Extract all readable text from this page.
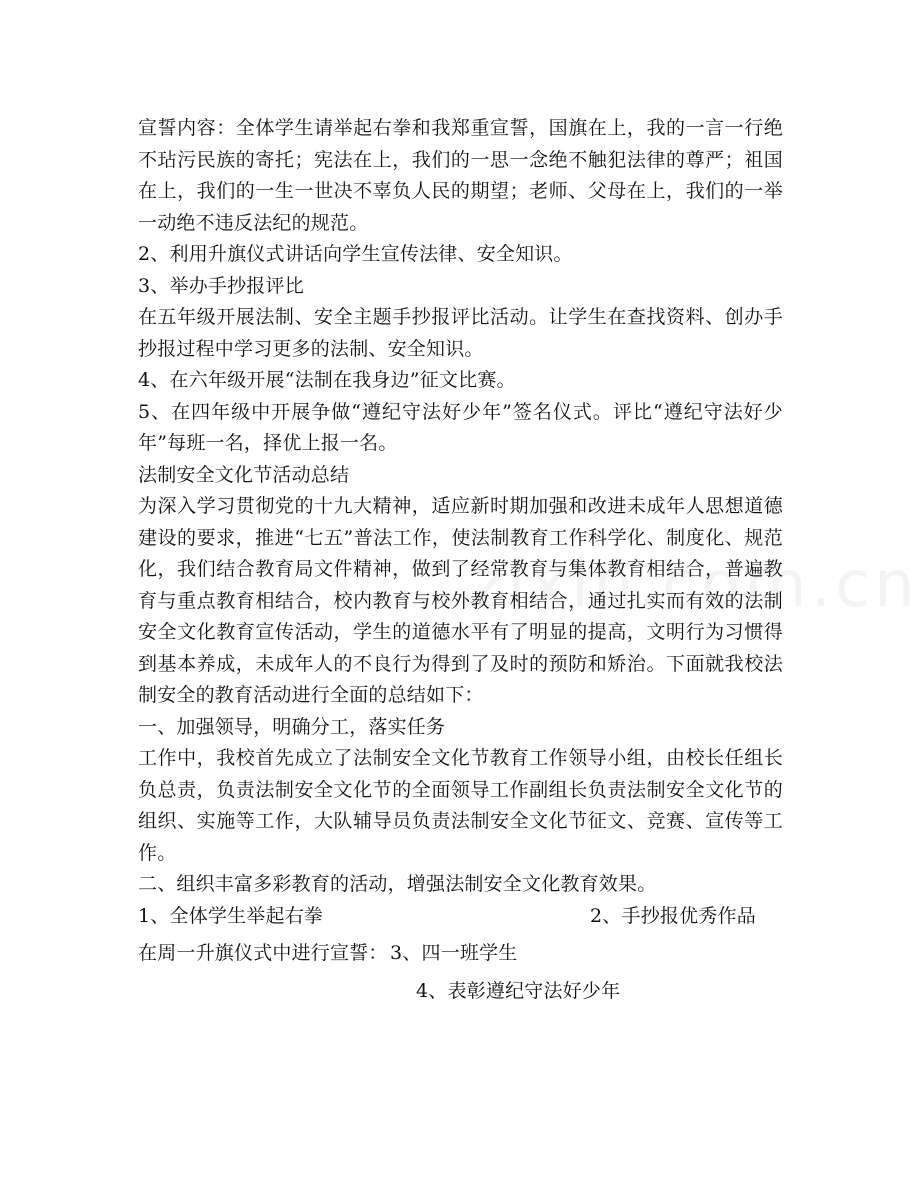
宣誓内容：全体学生请举起右拳和我郑重宣誓，国旗在上，我的一言一行绝不玷污民族的寄托；宪法在上，我们的一思一念绝不触犯法律的尊严；祖国在上，我们的一生一世决不辜负人民的期望；老师、父母在上，我们的一举一动绝不违反法纪的规范。

2、利用升旗仪式讲话向学生宣传法律、安全知识。

3、举办手抄报评比

在五年级开展法制、安全主题手抄报评比活动。让学生在查找资料、创办手抄报过程中学习更多的法制、安全知识。

4、在六年级开展“法制在我身边”征文比赛。

5、在四年级中开展争做“遵纪守法好少年”签名仪式。评比“遵纪守法好少年”每班一名，择优上报一名。

法制安全文化节活动总结

为深入学习贯彻党的十九大精神，适应新时期加强和改进未成年人思想道德建设的要求，推进“七五”普法工作，使法制教育工作科学化、制度化、规范化，我们结合教育局文件精神，做到了经常教育与集体教育相结合，普遍教育与重点教育相结合，校内教育与校外教育相结合，通过扎实而有效的法制安全文化教育宣传活动，学生的道德水平有了明显的提高，文明行为习惯得到基本养成，未成年人的不良行为得到了及时的预防和矫治。下面就我校法制安全的教育活动进行全面的总结如下：

一、加强领导，明确分工，落实任务

工作中，我校首先成立了法制安全文化节教育工作领导小组，由校长任组长负总责，负责法制安全文化节的全面领导工作副组长负责法制安全文化节的组织、实施等工作，大队辅导员负责法制安全文化节征文、竞赛、宣传等工作。

二、组织丰富多彩教育的活动，增强法制安全文化教育效果。

1、全体学生举起右拳	2、手抄报优秀作品
在周一升旗仪式中进行宣誓： 3、四一班学生
4、表彰遵纪守法好少年
